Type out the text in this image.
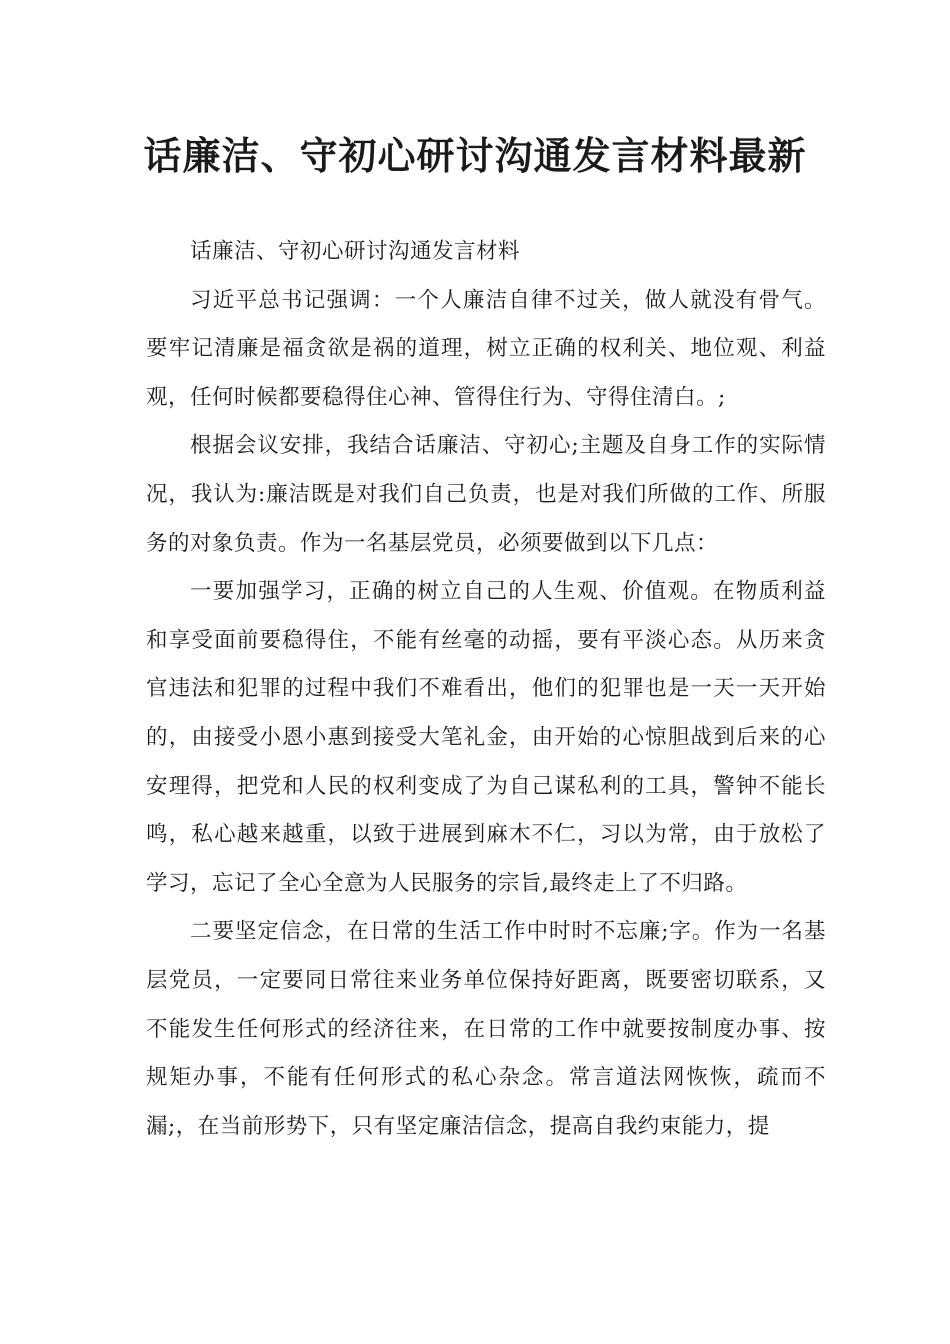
话廉洁、守初心研讨沟通发言材料最新

话廉洁、守初心研讨沟通发言材料

习近平总书记强调：一个人廉洁自律不过关，做人就没有骨气。要牢记清廉是福贪欲是祸的道理，树立正确的权利关、地位观、利益观，任何时候都要稳得住心神、管得住行为、守得住清白。;

根据会议安排，我结合话廉洁、守初心;主题及自身工作的实际情况，我认为:廉洁既是对我们自己负责，也是对我们所做的工作、所服务的对象负责。作为一名基层党员，必须要做到以下几点：

一要加强学习，正确的树立自己的人生观、价值观。在物质利益和享受面前要稳得住，不能有丝毫的动摇，要有平淡心态。从历来贪官违法和犯罪的过程中我们不难看出，他们的犯罪也是一天一天开始的，由接受小恩小惠到接受大笔礼金，由开始的心惊胆战到后来的心安理得，把党和人民的权利变成了为自己谋私利的工具，警钟不能长鸣，私心越来越重，以致于进展到麻木不仁，习以为常，由于放松了学习，忘记了全心全意为人民服务的宗旨,最终走上了不归路。

二要坚定信念，在日常的生活工作中时时不忘廉;字。作为一名基层党员，一定要同日常往来业务单位保持好距离，既要密切联系，又不能发生任何形式的经济往来，在日常的工作中就要按制度办事、按规矩办事，不能有任何形式的私心杂念。常言道法网恢恢，疏而不漏;，在当前形势下，只有坚定廉洁信念，提高自我约束能力，提
